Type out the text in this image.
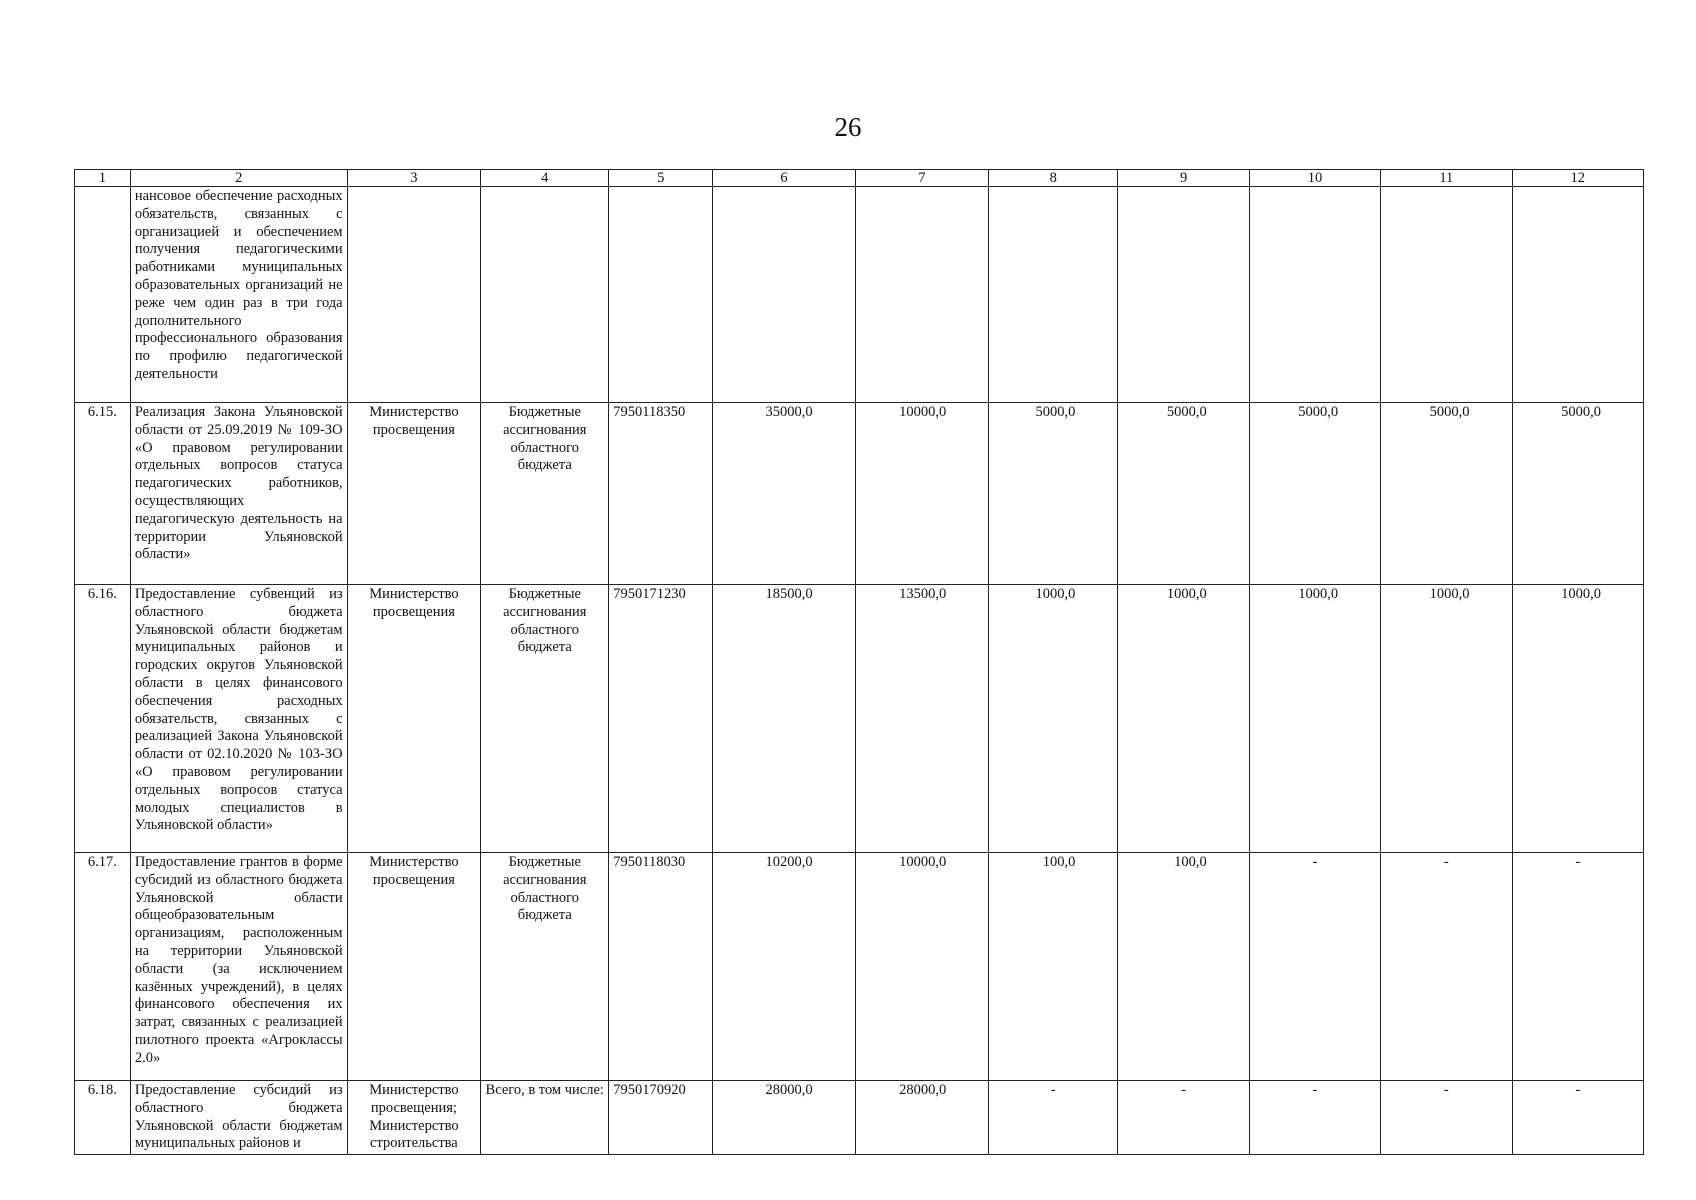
26
1	2	3	4	5	6	7	8	9	10	11	12
	нансовое обеспечение расходных обязательств, связанных с организацией и обеспечением получения педагогическими работниками муниципальных образовательных организаций не реже чем один раз в три года дополнительного профессионального образования по профилю педагогической деятельности										
6.15.	Реализация Закона Ульяновской области от 25.09.2019 № 109-ЗО «О правовом регулировании отдельных вопросов статуса педагогических работников, осуществляющих педагогическую деятельность на территории Ульяновской области»	Министерство просвещения	Бюджетные ассигнования областного бюджета	7950118350	35000,0	10000,0	5000,0	5000,0	5000,0	5000,0	5000,0
6.16.	Предоставление субвенций из областного бюджета Ульяновской области бюджетам муниципальных районов и городских округов Ульяновской области в целях финансового обеспечения расходных обязательств, связанных с реализацией Закона Ульяновской области от 02.10.2020 № 103-ЗО «О правовом регулировании отдельных вопросов статуса молодых специалистов в Ульяновской области»	Министерство просвещения	Бюджетные ассигнования областного бюджета	7950171230	18500,0	13500,0	1000,0	1000,0	1000,0	1000,0	1000,0
6.17.	Предоставление грантов в форме субсидий из областного бюджета Ульяновской области общеобразовательным организациям, расположенным на территории Ульяновской области (за исключением казённых учреждений), в целях финансового обеспечения их затрат, связанных с реализацией пилотного проекта «Агроклассы 2.0»	Министерство просвещения	Бюджетные ассигнования областного бюджета	7950118030	10200,0	10000,0	100,0	100,0	-	-	-
6.18.	Предоставление субсидий из областного бюджета Ульяновской области бюджетам муниципальных районов и	Министерство просвещения; Министерство строительства	Всего, в том числе:	7950170920	28000,0	28000,0	-	-	-	-	-
